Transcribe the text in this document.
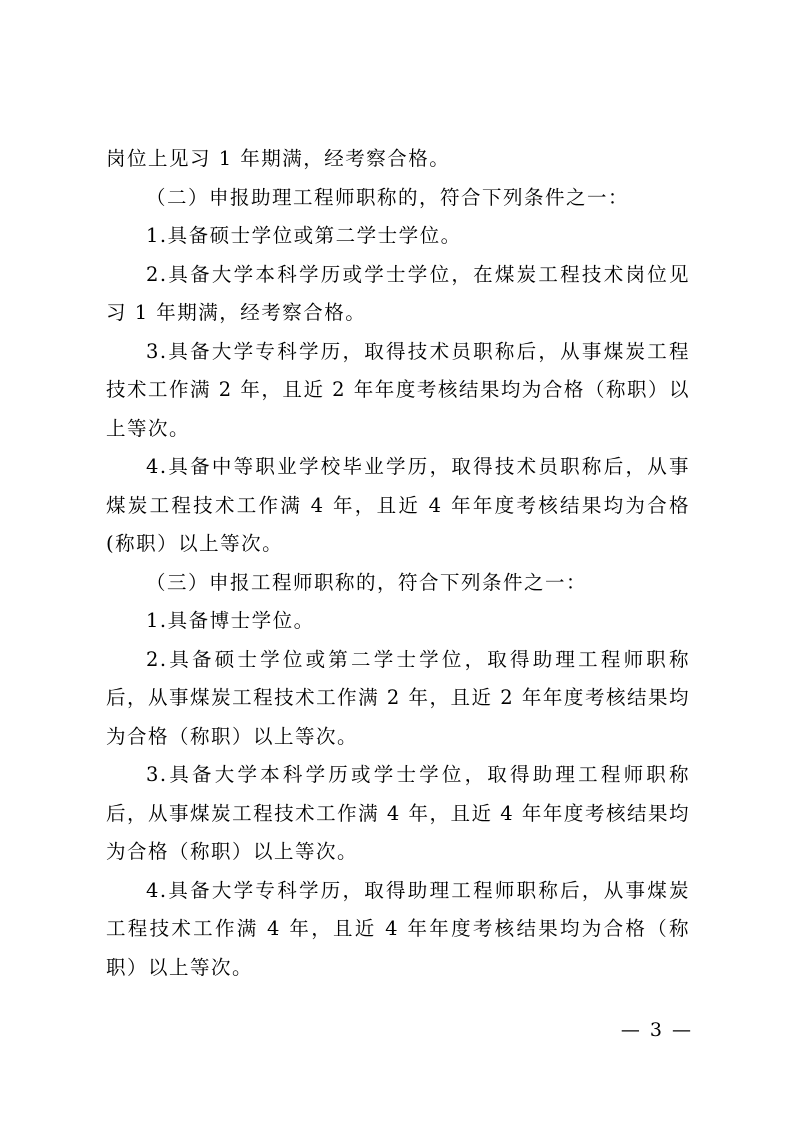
岗位上见习 1 年期满，经考察合格。

（二）申报助理工程师职称的，符合下列条件之一：

1.具备硕士学位或第二学士学位。

2.具备大学本科学历或学士学位，在煤炭工程技术岗位见习 1 年期满，经考察合格。

3.具备大学专科学历，取得技术员职称后，从事煤炭工程技术工作满 2 年，且近 2 年年度考核结果均为合格（称职）以上等次。

4.具备中等职业学校毕业学历，取得技术员职称后，从事煤炭工程技术工作满 4 年，且近 4 年年度考核结果均为合格(称职）以上等次。

（三）申报工程师职称的，符合下列条件之一：

1.具备博士学位。

2.具备硕士学位或第二学士学位，取得助理工程师职称后，从事煤炭工程技术工作满 2 年，且近 2 年年度考核结果均为合格（称职）以上等次。

3.具备大学本科学历或学士学位，取得助理工程师职称后，从事煤炭工程技术工作满 4 年，且近 4 年年度考核结果均为合格（称职）以上等次。

4.具备大学专科学历，取得助理工程师职称后，从事煤炭工程技术工作满 4 年，且近 4 年年度考核结果均为合格（称职）以上等次。

— 3 —
